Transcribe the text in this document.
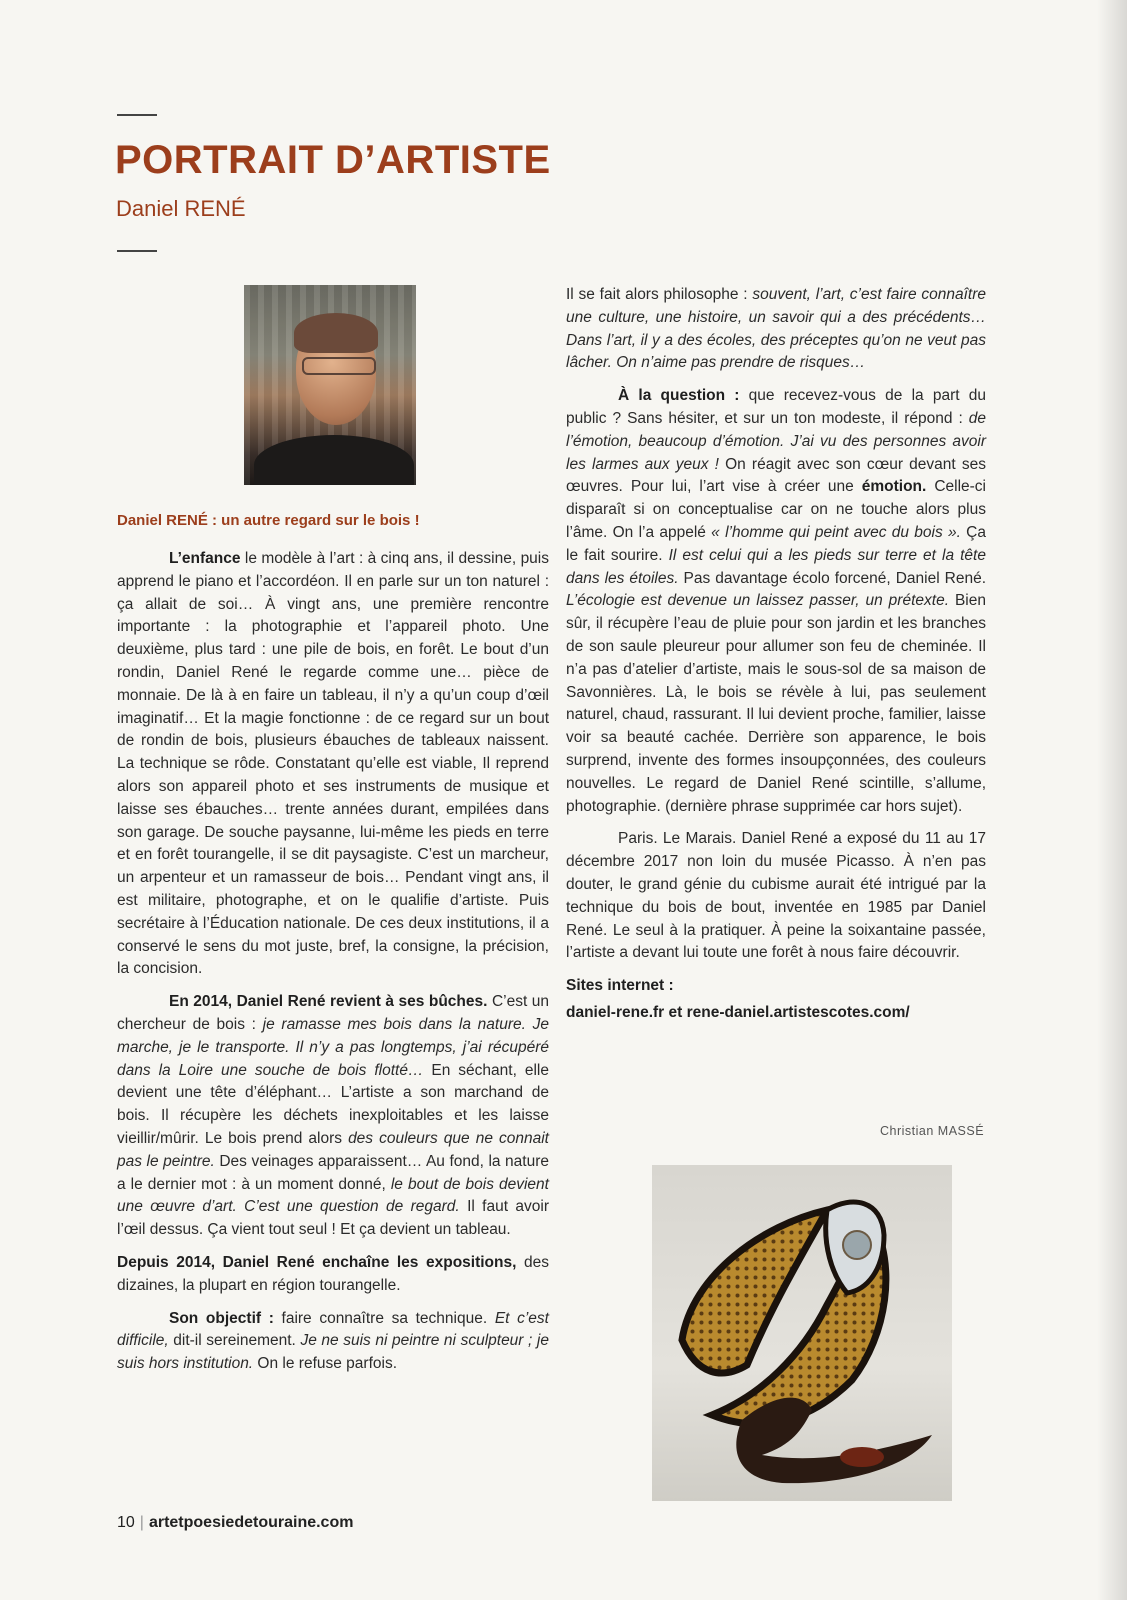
PORTRAIT D’ARTISTE
Daniel RENÉ
Daniel RENÉ : un autre regard sur le bois !

L’enfance le modèle à l’art : à cinq ans, il dessine, puis apprend le piano et l’accordéon. Il en parle sur un ton naturel : ça allait de soi… À vingt ans, une première rencontre importante : la photographie et l’appareil photo. Une deuxième, plus tard : une pile de bois, en forêt. Le bout d’un rondin, Daniel René le regarde comme une… pièce de monnaie. De là à en faire un tableau, il n’y a qu’un coup d’œil imaginatif… Et la magie fonctionne : de ce regard sur un bout de rondin de bois, plusieurs ébauches de tableaux naissent. La technique se rôde. Constatant qu’elle est viable, Il reprend alors son appareil photo et ses instruments de musique et laisse ses ébauches… trente années durant, empilées dans son garage. De souche paysanne, lui-même les pieds en terre et en forêt tourangelle, il se dit paysagiste. C’est un marcheur, un arpenteur et un ramasseur de bois… Pendant vingt ans, il est militaire, photographe, et on le qualifie d’artiste. Puis secrétaire à l’Éducation nationale. De ces deux institutions, il a conservé le sens du mot juste, bref, la consigne, la précision, la concision.

En 2014, Daniel René revient à ses bûches. C’est un chercheur de bois : je ramasse mes bois dans la nature. Je marche, je le transporte. Il n’y a pas longtemps, j’ai récupéré dans la Loire une souche de bois flotté… En séchant, elle devient une tête d’éléphant… L’artiste a son marchand de bois. Il récupère les déchets inexploitables et les laisse vieillir/mûrir. Le bois prend alors des couleurs que ne connait pas le peintre. Des veinages apparaissent… Au fond, la nature a le dernier mot : à un moment donné, le bout de bois devient une œuvre d’art. C’est une question de regard. Il faut avoir l’œil dessus. Ça vient tout seul ! Et ça devient un tableau.

Depuis 2014, Daniel René enchaîne les expositions, des dizaines, la plupart en région tourangelle.

Son objectif : faire connaître sa technique. Et c’est difficile, dit-il sereinement. Je ne suis ni peintre ni sculpteur ; je suis hors institution. On le refuse parfois.

Il se fait alors philosophe : souvent, l’art, c’est faire connaître une culture, une histoire, un savoir qui a des précédents… Dans l’art, il y a des écoles, des préceptes qu’on ne veut pas lâcher. On n’aime pas prendre de risques…

À la question : que recevez-vous de la part du public ? Sans hésiter, et sur un ton modeste, il répond : de l’émotion, beaucoup d’émotion. J’ai vu des personnes avoir les larmes aux yeux ! On réagit avec son cœur devant ses œuvres. Pour lui, l’art vise à créer une émotion. Celle-ci disparaît si on conceptualise car on ne touche alors plus l’âme. On l’a appelé « l’homme qui peint avec du bois ». Ça le fait sourire. Il est celui qui a les pieds sur terre et la tête dans les étoiles. Pas davantage écolo forcené, Daniel René. L’écologie est devenue un laissez passer, un prétexte. Bien sûr, il récupère l’eau de pluie pour son jardin et les branches de son saule pleureur pour allumer son feu de cheminée. Il n’a pas d’atelier d’artiste, mais le sous-sol de sa maison de Savonnières. Là, le bois se révèle à lui, pas seulement naturel, chaud, rassurant. Il lui devient proche, familier, laisse voir sa beauté cachée. Derrière son apparence, le bois surprend, invente des formes insoupçonnées, des couleurs nouvelles. Le regard de Daniel René scintille, s’allume, photographie. (dernière phrase supprimée car hors sujet).

Paris. Le Marais. Daniel René a exposé du 11 au 17 décembre 2017 non loin du musée Picasso. À n’en pas douter, le grand génie du cubisme aurait été intrigué par la technique du bois de bout, inventée en 1985 par Daniel René. Le seul à la pratiquer. À peine la soixantaine passée, l’artiste a devant lui toute une forêt à nous faire découvrir.

Sites internet :
daniel-rene.fr et rene-daniel.artistescotes.com/
Christian MASSÉ
10 | artetpoesiedetouraine.com
